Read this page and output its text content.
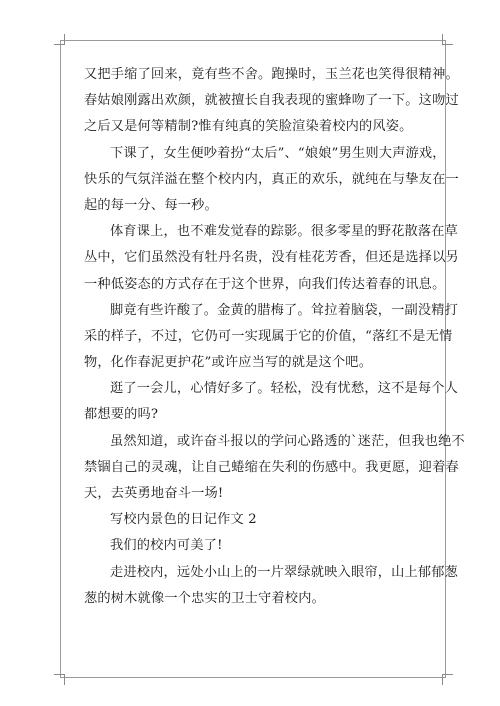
又把手缩了回来，竟有些不舍。跑操时，玉兰花也笑得很精神。
春姑娘刚露出欢颜，就被擅长自我表现的蜜蜂吻了一下。这吻过
之后又是何等精制?惟有纯真的笑脸渲染着校内的风姿。
下课了，女生便吵着扮“太后”、“娘娘”男生则大声游戏，
快乐的气氛洋溢在整个校内内，真正的欢乐，就纯在与挚友在一
起的每一分、每一秒。
体育课上，也不难发觉春的踪影。很多零星的野花散落在草
丛中，它们虽然没有牡丹名贵，没有桂花芳香，但还是选择以另
一种低姿态的方式存在于这个世界，向我们传达着春的讯息。
脚竟有些许酸了。金黄的腊梅了。耸拉着脑袋，一副没精打
采的样子，不过，它仍可一实现属于它的价值，“落红不是无情
物，化作春泥更护花”或许应当写的就是这个吧。
逛了一会儿，心情好多了。轻松，没有忧愁，这不是每个人
都想要的吗?
虽然知道，或许奋斗报以的学问心路透的`迷茫，但我也绝不
禁锢自己的灵魂，让自己蜷缩在失利的伤感中。我更愿，迎着春
天，去英勇地奋斗一场!
写校内景色的日记作文 2
我们的校内可美了!
走进校内，远处小山上的一片翠绿就映入眼帘，山上郁郁葱
葱的树木就像一个忠实的卫士守着校内。
